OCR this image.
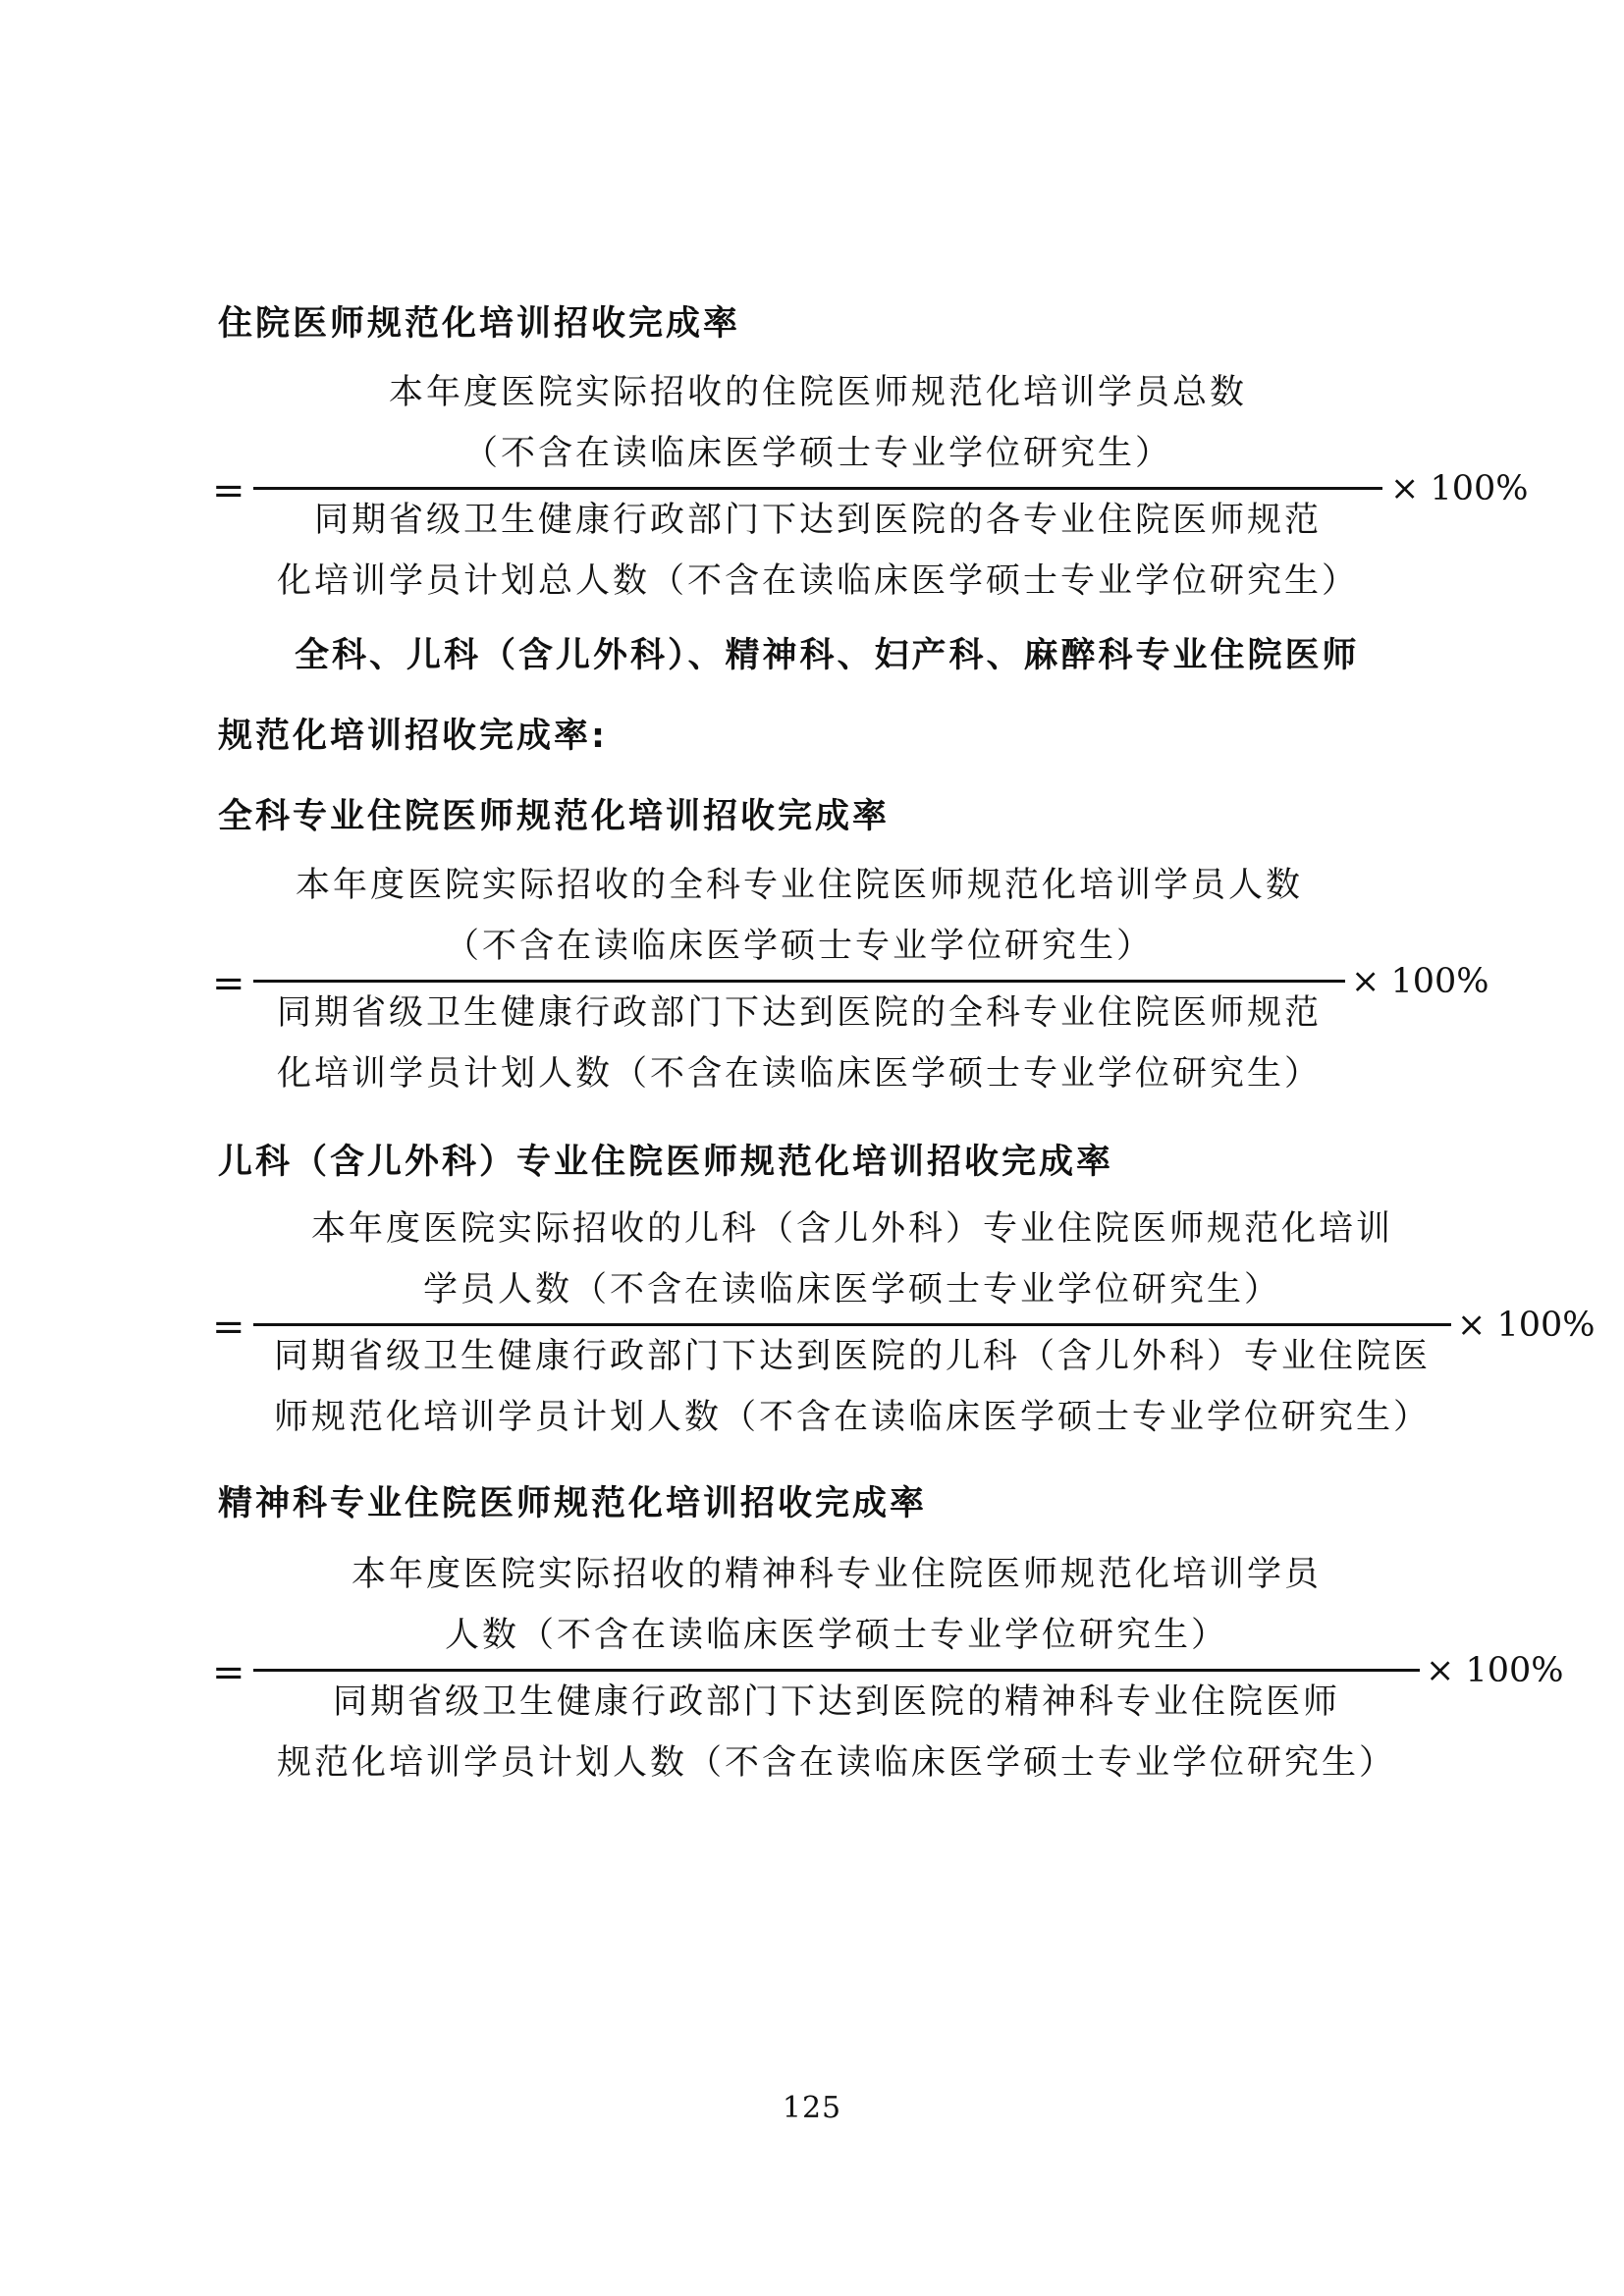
住院医师规范化培训招收完成率
=
本年度医院实际招收的住院医师规范化培训学员总数
（不含在读临床医学硕士专业学位研究生）
同期省级卫生健康行政部门下达到医院的各专业住院医师规范
化培训学员计划总人数（不含在读临床医学硕士专业学位研究生）
× 100%
全科、儿科（含儿外科）、精神科、妇产科、麻醉科专业住院医师
规范化培训招收完成率:
全科专业住院医师规范化培训招收完成率
=
本年度医院实际招收的全科专业住院医师规范化培训学员人数
（不含在读临床医学硕士专业学位研究生）
同期省级卫生健康行政部门下达到医院的全科专业住院医师规范
化培训学员计划人数（不含在读临床医学硕士专业学位研究生）
× 100%
儿科（含儿外科）专业住院医师规范化培训招收完成率
=
本年度医院实际招收的儿科（含儿外科）专业住院医师规范化培训
学员人数（不含在读临床医学硕士专业学位研究生）
同期省级卫生健康行政部门下达到医院的儿科（含儿外科）专业住院医
师规范化培训学员计划人数（不含在读临床医学硕士专业学位研究生）
× 100%
精神科专业住院医师规范化培训招收完成率
=
本年度医院实际招收的精神科专业住院医师规范化培训学员
人数（不含在读临床医学硕士专业学位研究生）
同期省级卫生健康行政部门下达到医院的精神科专业住院医师
规范化培训学员计划人数（不含在读临床医学硕士专业学位研究生）
× 100%
125
